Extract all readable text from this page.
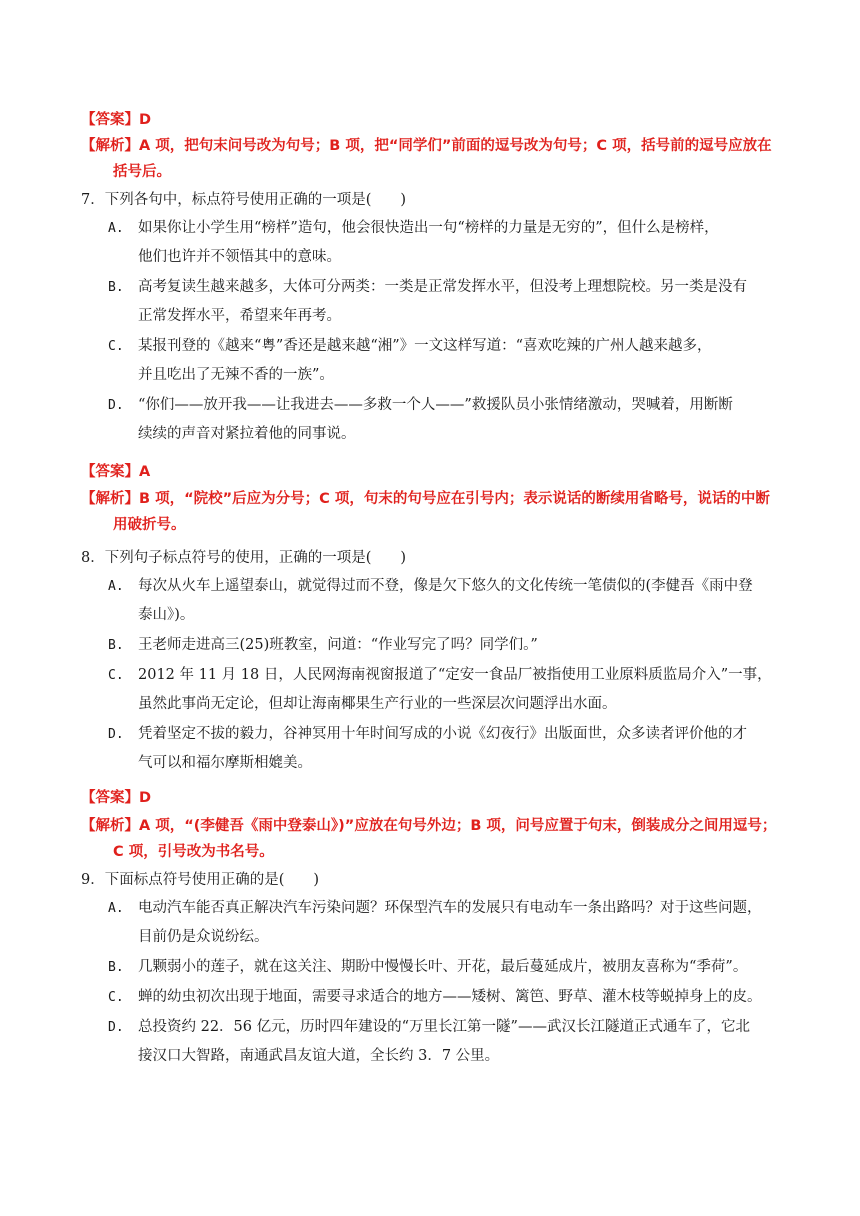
【答案】D
【解析】A 项，把句末问号改为句号；B 项，把“同学们”前面的逗号改为句号；C 项，括号前的逗号应放在
括号后。
7．下列各句中，标点符号使用正确的一项是(　　)
A. 如果你让小学生用“榜样”造句，他会很快造出一句“榜样的力量是无穷的”，但什么是榜样，
他们也许并不领悟其中的意味。
B. 高考复读生越来越多，大体可分两类：一类是正常发挥水平，但没考上理想院校。另一类是没有
正常发挥水平，希望来年再考。
C. 某报刊登的《越来“粤”香还是越来越“湘”》一文这样写道：“喜欢吃辣的广州人越来越多，
并且吃出了无辣不香的一族”。
D. “你们——放开我——让我进去——多救一个人——”救援队员小张情绪激动，哭喊着，用断断
续续的声音对紧拉着他的同事说。
【答案】A
【解析】B 项，“院校”后应为分号；C 项，句末的句号应在引号内；表示说话的断续用省略号，说话的中断
用破折号。
8．下列句子标点符号的使用，正确的一项是(　　)
A. 每次从火车上遥望泰山，就觉得过而不登，像是欠下悠久的文化传统一笔债似的(李健吾《雨中登
泰山》)。
B. 王老师走进高三(25)班教室，问道：“作业写完了吗？同学们。”
C. 2012 年 11 月 18 日，人民网海南视窗报道了“定安一食品厂被指使用工业原料质监局介入”一事，
虽然此事尚无定论，但却让海南椰果生产行业的一些深层次问题浮出水面。
D. 凭着坚定不拔的毅力，谷神冥用十年时间写成的小说《幻夜行》出版面世，众多读者评价他的才
气可以和福尔摩斯相媲美。
【答案】D
【解析】A 项，“(李健吾《雨中登泰山》)”应放在句号外边；B 项，问号应置于句末，倒装成分之间用逗号；
C 项，引号改为书名号。
9．下面标点符号使用正确的是(　　)
A. 电动汽车能否真正解决汽车污染问题？环保型汽车的发展只有电动车一条出路吗？对于这些问题，
目前仍是众说纷纭。
B. 几颗弱小的莲子，就在这关注、期盼中慢慢长叶、开花，最后蔓延成片，被朋友喜称为“季荷”。
C. 蝉的幼虫初次出现于地面，需要寻求适合的地方——矮树、篱笆、野草、灌木枝等蜕掉身上的皮。
D. 总投资约 22．56 亿元，历时四年建设的“万里长江第一隧”——武汉长江隧道正式通车了，它北
接汉口大智路，南通武昌友谊大道，全长约 3．7 公里。
